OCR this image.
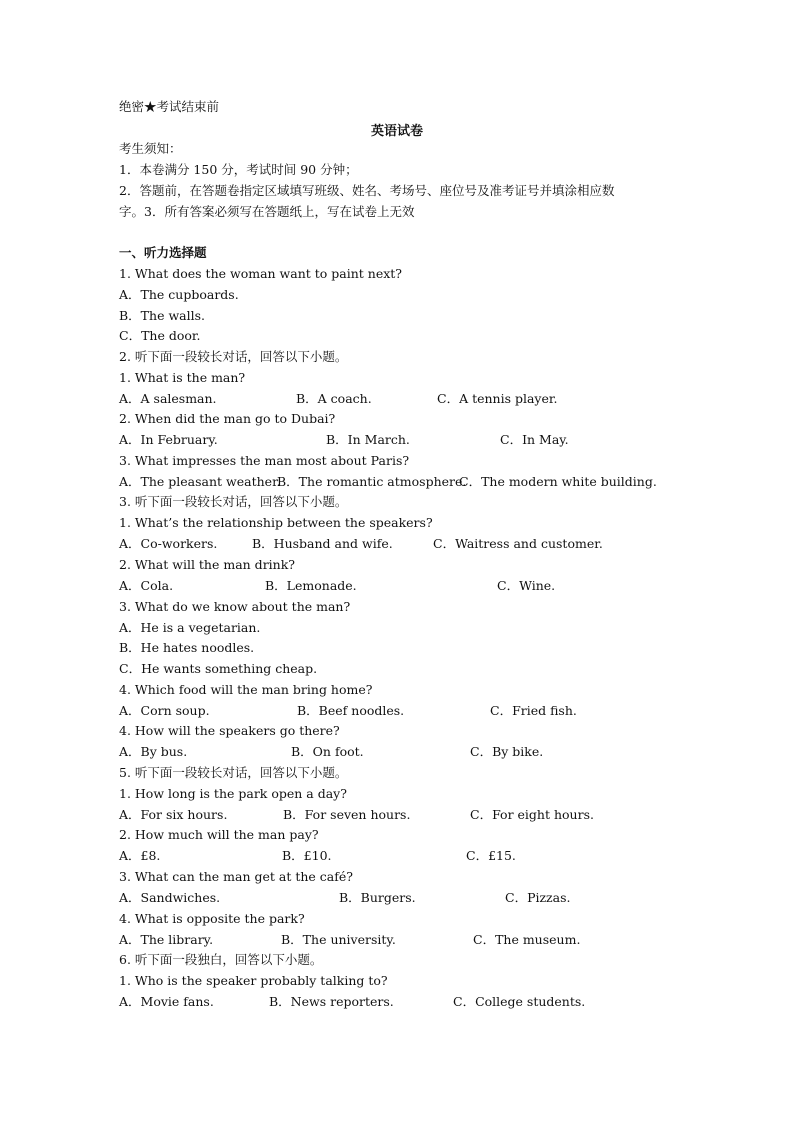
绝密★考试结束前
英语试卷
考生须知：
1．本卷满分 150 分，考试时间 90 分钟；
2．答题前，在答题卷指定区域填写班级、姓名、考场号、座位号及准考证号并填涂相应数
字。3．所有答案必须写在答题纸上，写在试卷上无效
一、听力选择题
1. What does the woman want to paint next?
A．The cupboards.
B．The walls.
C．The door.
2. 听下面一段较长对话，回答以下小题。
1. What is the man?
A．A salesman.	B．A coach.	C．A tennis player.
2. When did the man go to Dubai?
A．In February.	B．In March.	C．In May.
3. What impresses the man most about Paris?
A．The pleasant weather.
B．The romantic atmosphere.
C．The modern white building.
3. 听下面一段较长对话，回答以下小题。
1. What’s the relationship between the speakers?
A．Co-workers.	B．Husband and wife.	C．Waitress and customer.
2. What will the man drink?
A．Cola.	B．Lemonade.	C．Wine.
3. What do we know about the man?
A．He is a vegetarian.
B．He hates noodles.
C．He wants something cheap.
4. Which food will the man bring home?
A．Corn soup.	B．Beef noodles.	C．Fried fish.
4. How will the speakers go there?
A．By bus.	B．On foot.	C．By bike.
5. 听下面一段较长对话，回答以下小题。
1. How long is the park open a day?
A．For six hours.	B．For seven hours.	C．For eight hours.
2. How much will the man pay?
A．£8.	B．£10.	C．£15.
3. What can the man get at the café?
A．Sandwiches.	B．Burgers.	C．Pizzas.
4. What is opposite the park?
A．The library.	B．The university.	C．The museum.
6. 听下面一段独白，回答以下小题。
1. Who is the speaker probably talking to?
A．Movie fans.	B．News reporters.	C．College students.
